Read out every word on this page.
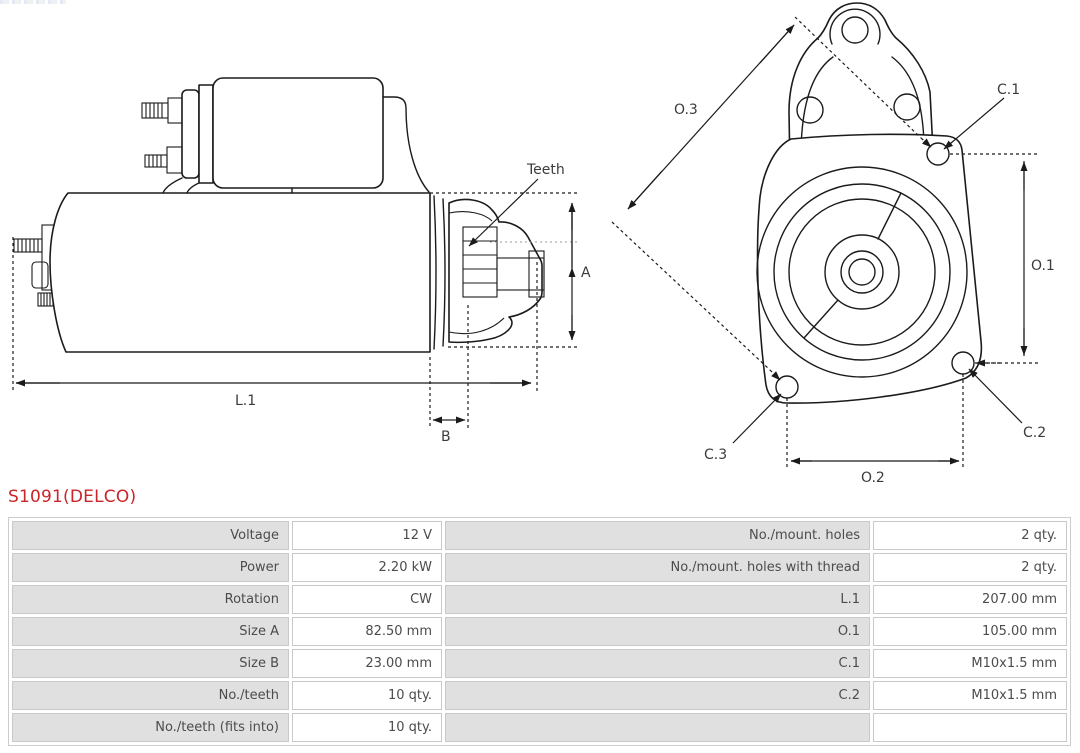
A
L.1
B
Teeth
O.3
C.1
O.1
O.2
C.3
C.2
S1091(DELCO)
Voltage	12 V	No./mount. holes	2 qty.
Power	2.20 kW	No./mount. holes with thread	2 qty.
Rotation	CW	L.1	207.00 mm
Size A	82.50 mm	O.1	105.00 mm
Size B	23.00 mm	C.1	M10x1.5 mm
No./teeth	10 qty.	C.2	M10x1.5 mm
No./teeth (fits into)	10 qty.		
